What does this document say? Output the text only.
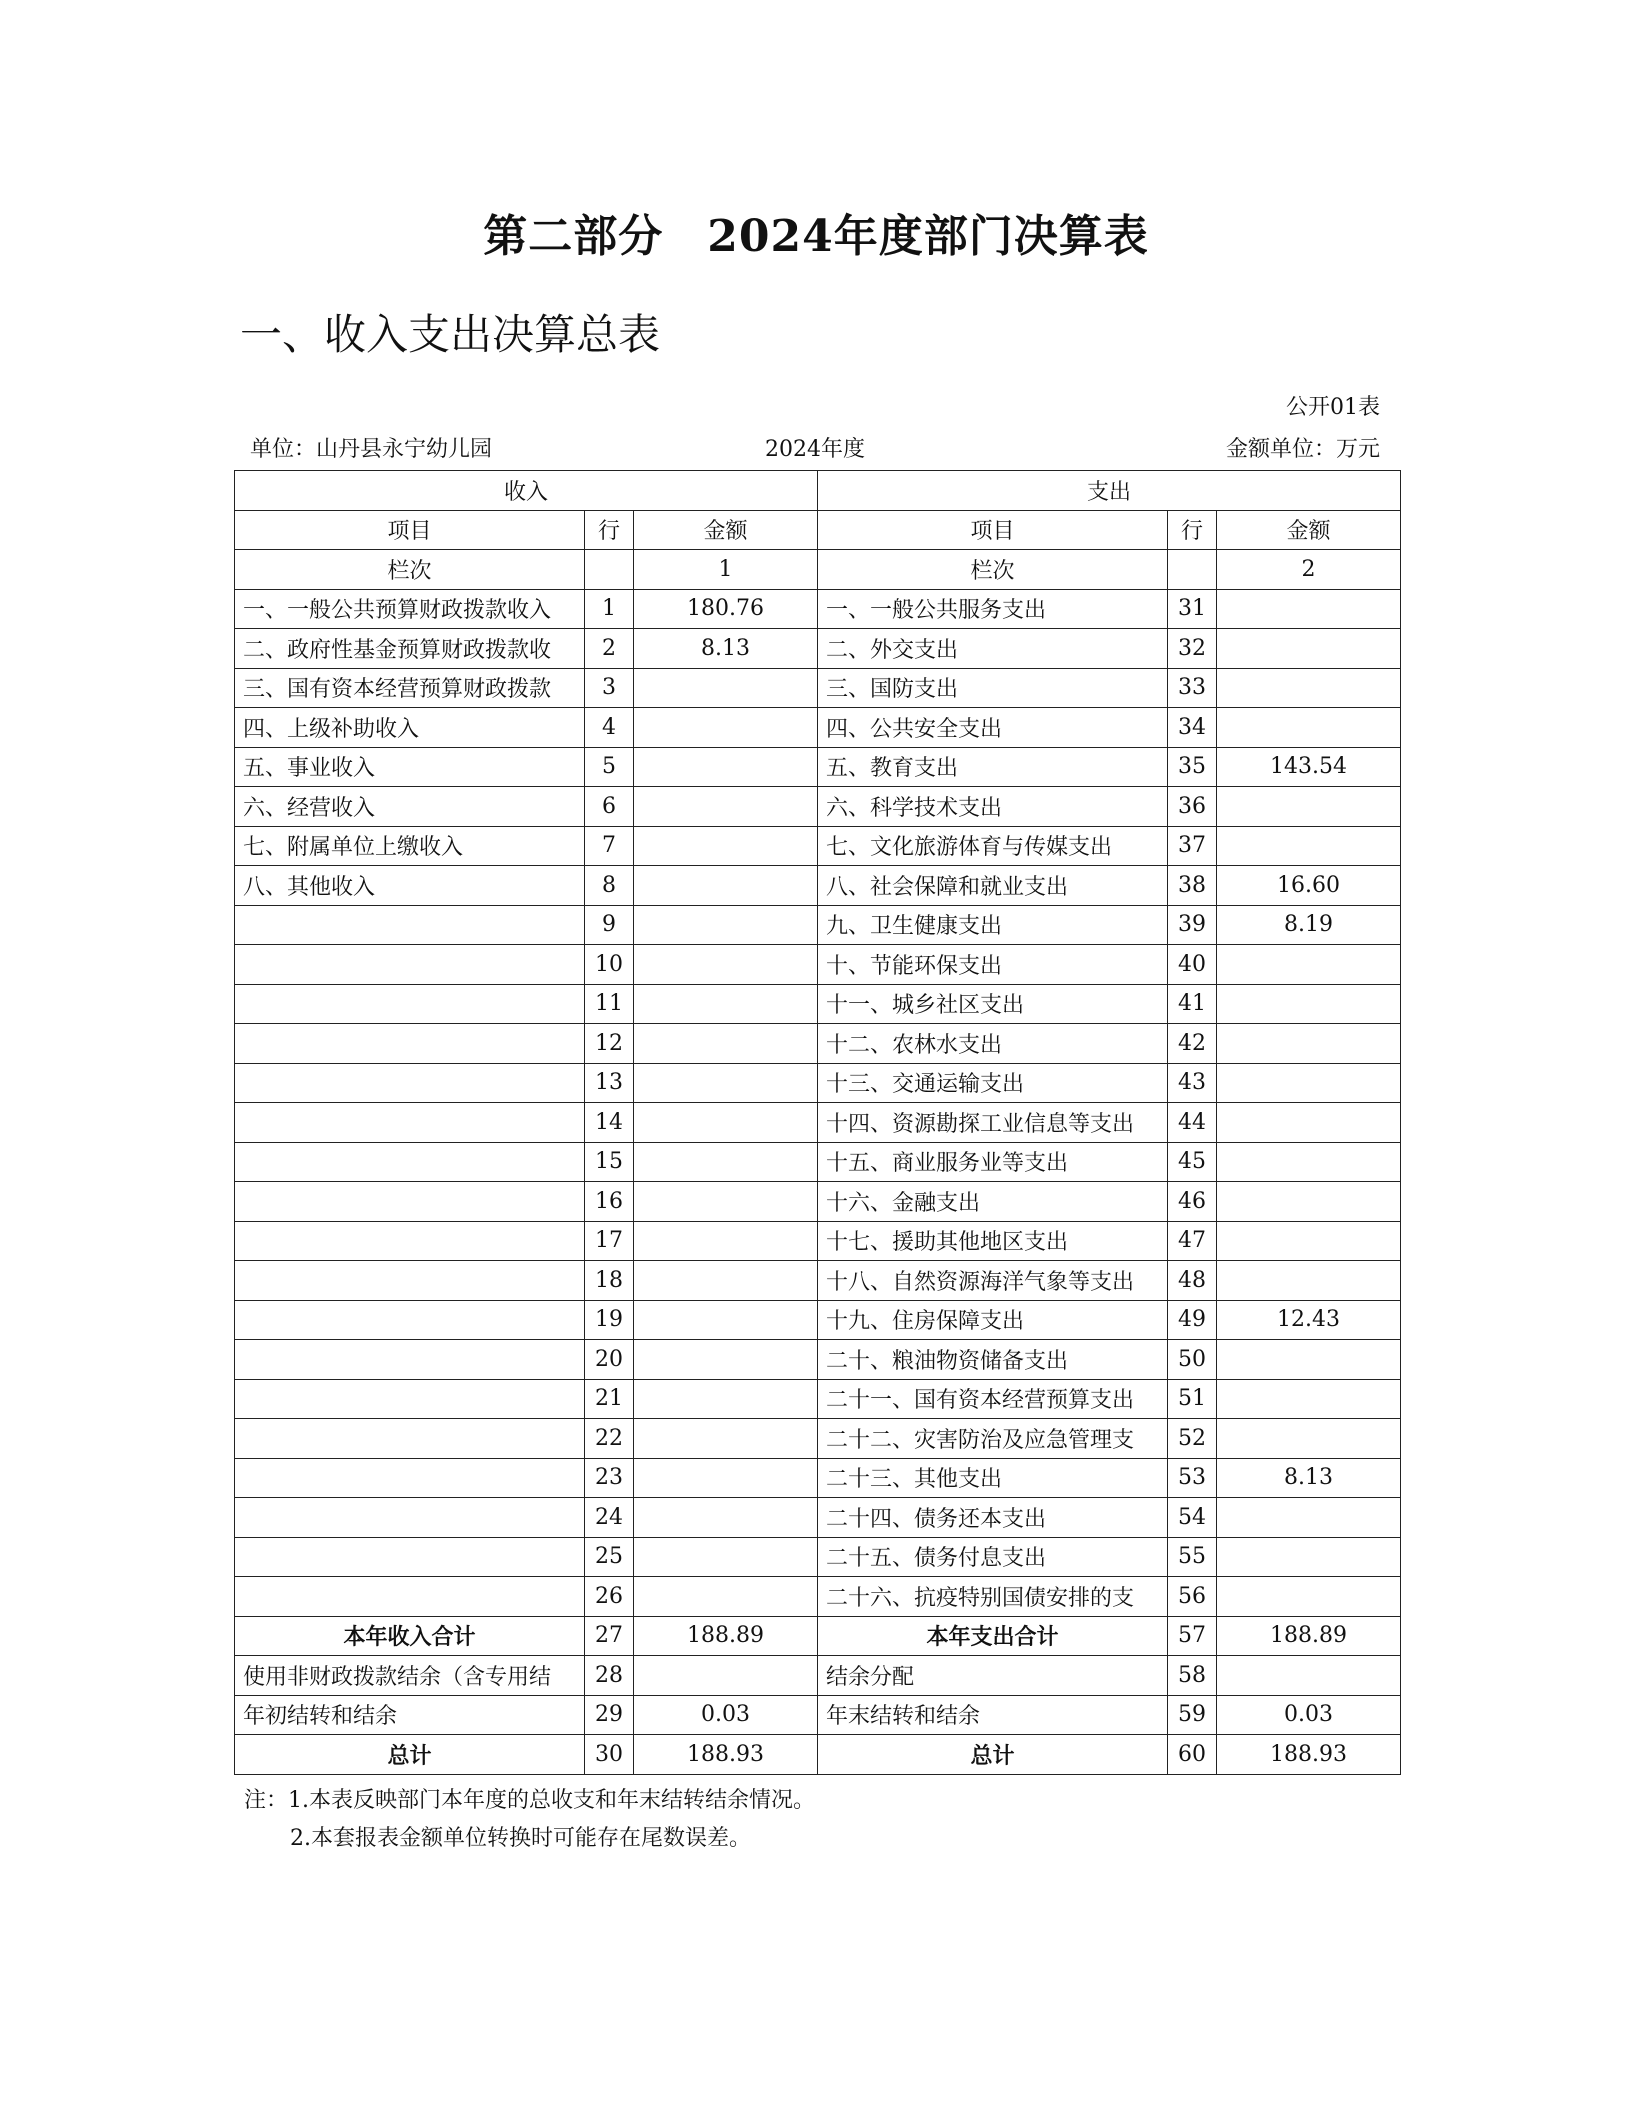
第二部分 2024年度部门决算表
一、收入支出决算总表
公开01表
单位：山丹县永宁幼儿园	2024年度	金额单位：万元
收入			支出		
项目	行	金额	项目	行	金额
栏次		1	栏次		2
一、一般公共预算财政拨款收入	1	180.76	一、一般公共服务支出	31	
二、政府性基金预算财政拨款收	2	8.13	二、外交支出	32	
三、国有资本经营预算财政拨款	3		三、国防支出	33	
四、上级补助收入	4		四、公共安全支出	34	
五、事业收入	5		五、教育支出	35	143.54
六、经营收入	6		六、科学技术支出	36	
七、附属单位上缴收入	7		七、文化旅游体育与传媒支出	37	
八、其他收入	8		八、社会保障和就业支出	38	16.60
	9		九、卫生健康支出	39	8.19
	10		十、节能环保支出	40	
	11		十一、城乡社区支出	41	
	12		十二、农林水支出	42	
	13		十三、交通运输支出	43	
	14		十四、资源勘探工业信息等支出	44	
	15		十五、商业服务业等支出	45	
	16		十六、金融支出	46	
	17		十七、援助其他地区支出	47	
	18		十八、自然资源海洋气象等支出	48	
	19		十九、住房保障支出	49	12.43
	20		二十、粮油物资储备支出	50	
	21		二十一、国有资本经营预算支出	51	
	22		二十二、灾害防治及应急管理支	52	
	23		二十三、其他支出	53	8.13
	24		二十四、债务还本支出	54	
	25		二十五、债务付息支出	55	
	26		二十六、抗疫特别国债安排的支	56	
本年收入合计	27	188.89	本年支出合计	57	188.89
使用非财政拨款结余（含专用结	28		结余分配	58	
年初结转和结余	29	0.03	年末结转和结余	59	0.03
总计	30	188.93	总计	60	188.93
注：1.本表反映部门本年度的总收支和年末结转结余情况。
2.本套报表金额单位转换时可能存在尾数误差。
